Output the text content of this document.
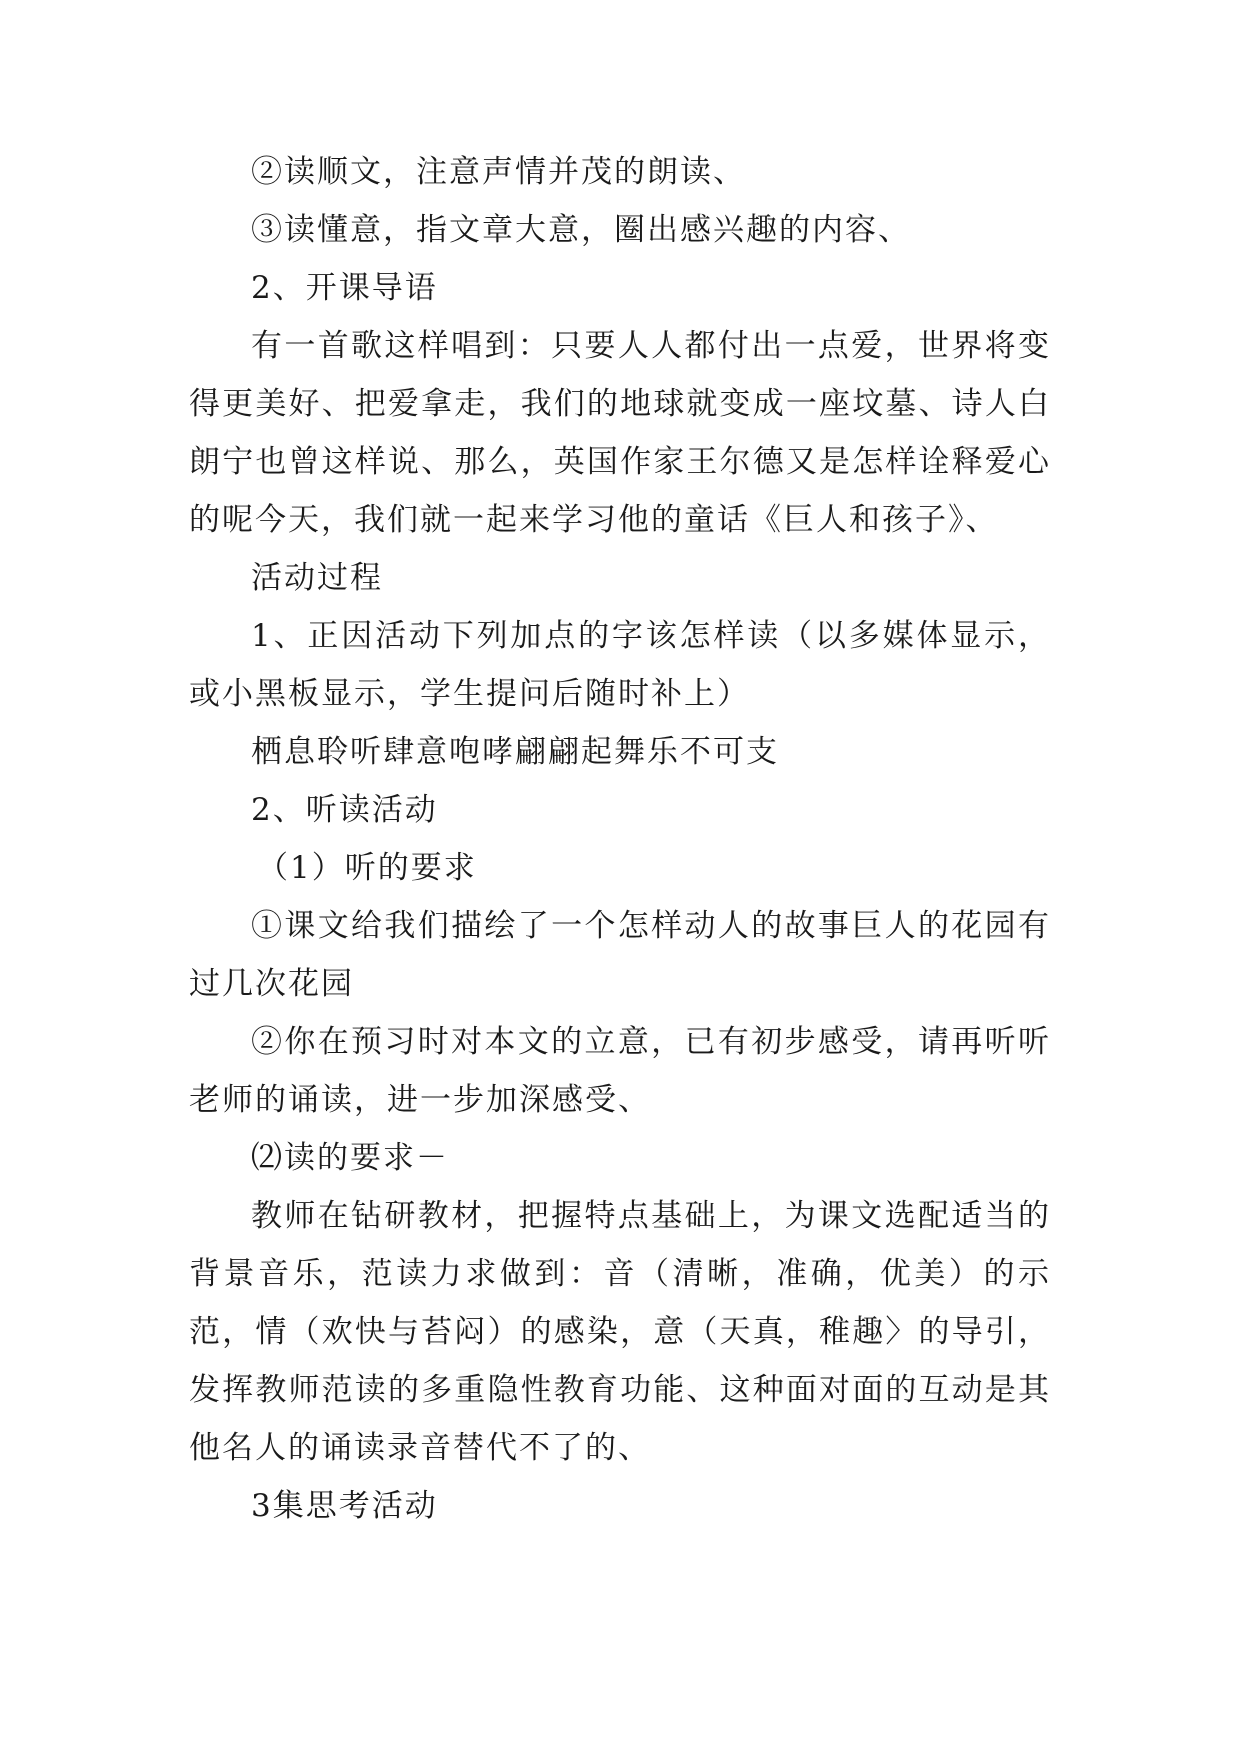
②读顺文，注意声情并茂的朗读、

③读懂意，指文章大意，圈出感兴趣的内容、

2、开课导语

有一首歌这样唱到：只要人人都付出一点爱，世界将变得更美好、把爱拿走，我们的地球就变成一座坟墓、诗人白朗宁也曾这样说、那么，英国作家王尔德又是怎样诠释爱心的呢今天，我们就一起来学习他的童话《巨人和孩子》、

活动过程

1、正因活动下列加点的字该怎样读（以多媒体显示，或小黑板显示，学生提问后随时补上）

栖息聆听肆意咆哮翩翩起舞乐不可支

2、听读活动

（1）听的要求

①课文给我们描绘了一个怎样动人的故事巨人的花园有过几次花园

②你在预习时对本文的立意，已有初步感受，请再听听老师的诵读，进一步加深感受、

⑵读的要求－

教师在钻研教材，把握特点基础上，为课文选配适当的背景音乐，范读力求做到：音（清晰，准确，优美）的示范，情（欢快与苔闷）的感染，意（天真，稚趣〉的导引，发挥教师范读的多重隐性教育功能、这种面对面的互动是其他名人的诵读录音替代不了的、

3集思考活动
